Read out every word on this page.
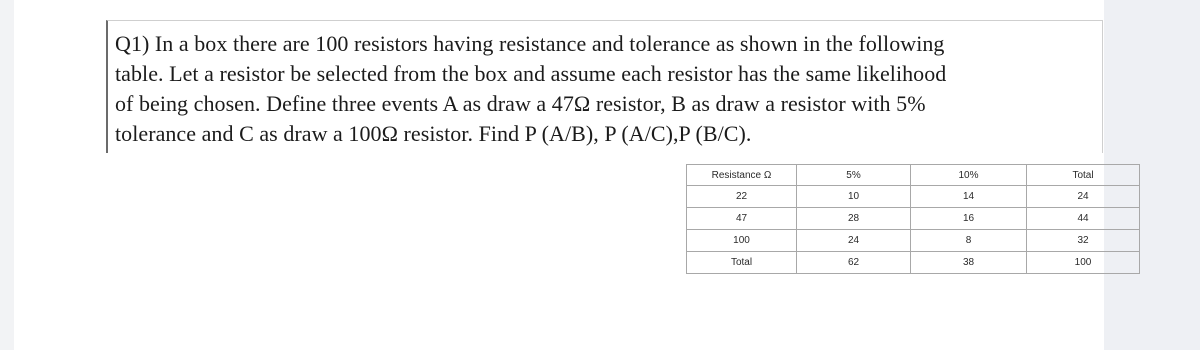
Q1) In a box there are 100 resistors having resistance and tolerance as shown in the following
table. Let a resistor be selected from the box and assume each resistor has the same likelihood
of being chosen. Define three events A as draw a 47Ω resistor, B as draw a resistor with 5%
tolerance and C as draw a 100Ω resistor. Find P (A/B), P (A/C),P (B/C).

Resistance Ω	5%	10%	Total
22	10	14	24
47	28	16	44
100	24	8	32
Total	62	38	100
